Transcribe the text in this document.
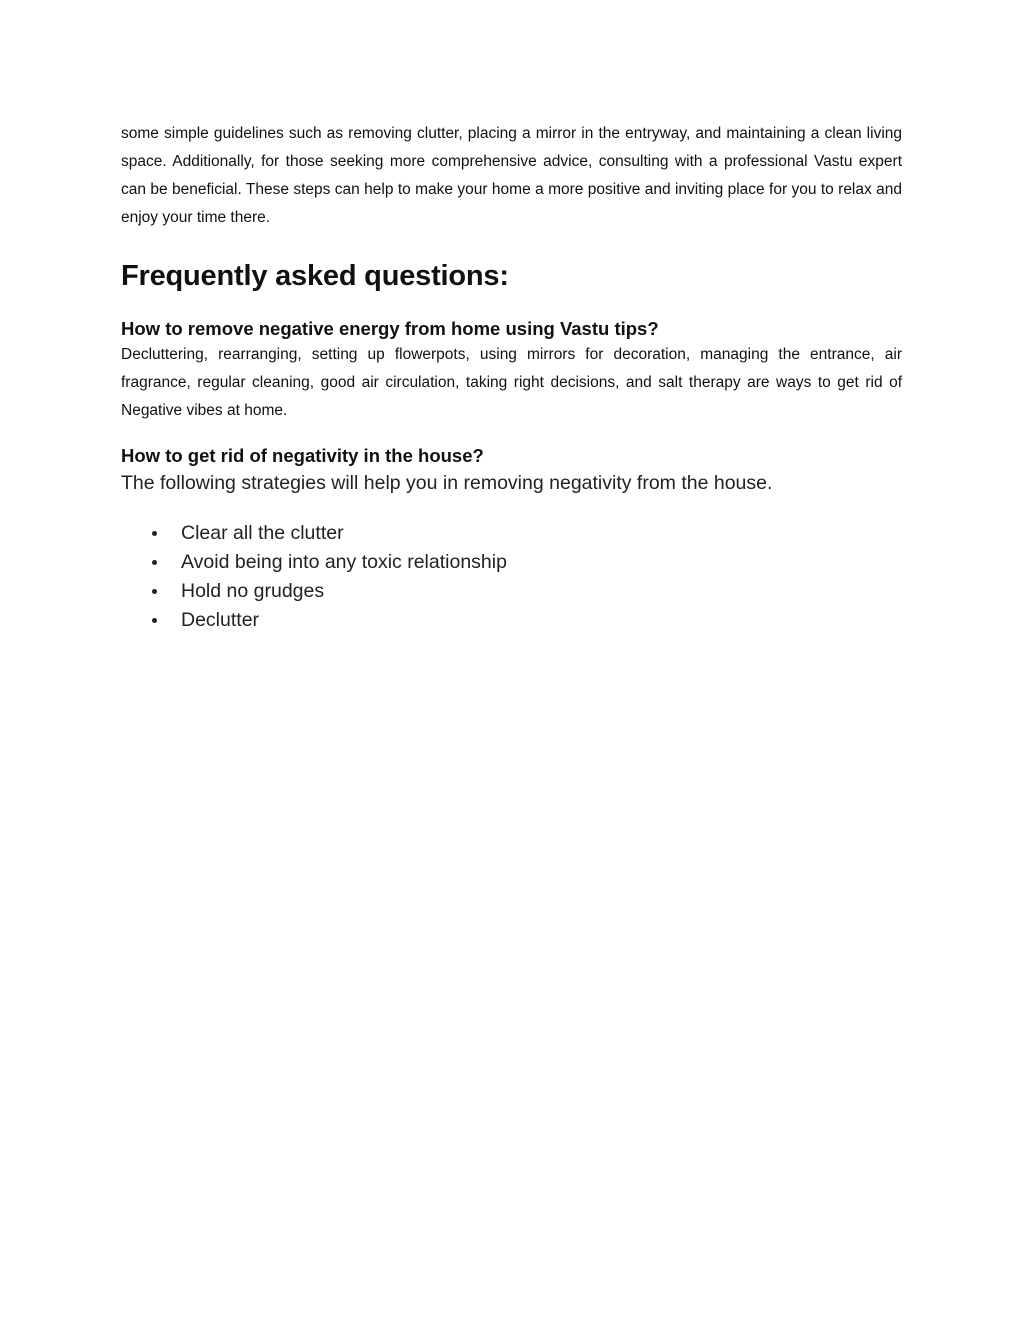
some simple guidelines such as removing clutter, placing a mirror in the entryway, and maintaining a clean living space. Additionally, for those seeking more comprehensive advice, consulting with a professional Vastu expert can be beneficial. These steps can help to make your home a more positive and inviting place for you to relax and enjoy your time there.

Frequently asked questions:
How to remove negative energy from home using Vastu tips?

Decluttering, rearranging, setting up flowerpots, using mirrors for decoration, managing the entrance, air fragrance, regular cleaning, good air circulation, taking right decisions, and salt therapy are ways to get rid of Negative vibes at home.

How to get rid of negativity in the house?

The following strategies will help you in removing negativity from the house.

Clear all the clutter
Avoid being into any toxic relationship
Hold no grudges
Declutter
